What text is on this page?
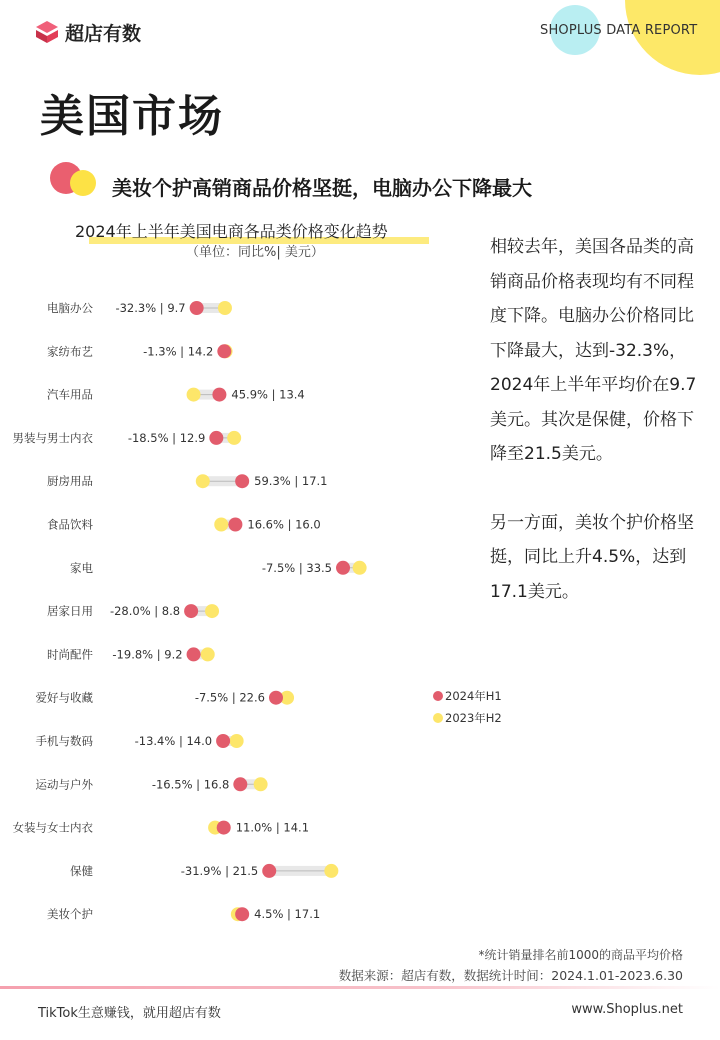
SHOPLUS DATA REPORT
超店有数
美国市场
美妆个护高销商品价格坚挺，电脑办公下降最大
2024年上半年美国电商各品类价格变化趋势
（单位：同比%| 美元）
电脑办公 -32.3% | 9.7
家纺布艺	-1.3% | 14.2
汽车用品	45.9% | 13.4
男装与男士内衣	-18.5% | 12.9
厨房用品	59.3% | 17.1
食品饮料	16.6% | 16.0
家电	-7.5% | 33.5
居家日用 -28.0% | 8.8
时尚配件 -19.8% | 9.2
爱好与收藏	-7.5% | 22.6
手机与数码	-13.4% | 14.0
运动与户外	-16.5% | 16.8
女装与女士内衣	11.0% | 14.1
保健	-31.9% | 21.5
美妆个护	4.5% | 17.1

相较去年，美国各品类的高销商品价格表现均有不同程度下降。电脑办公价格同比下降最大，达到-32.3%，2024年上半年平均价在9.7美元。其次是保健，价格下降至21.5美元。

另一方面，美妆个护价格坚挺，同比上升4.5%，达到17.1美元。

2024年H1
2023年H2
*统计销量排名前1000的商品平均价格
数据来源：超店有数，数据统计时间：2024.1.01-2023.6.30
TikTok生意赚钱，就用超店有数	www.Shoplus.net
